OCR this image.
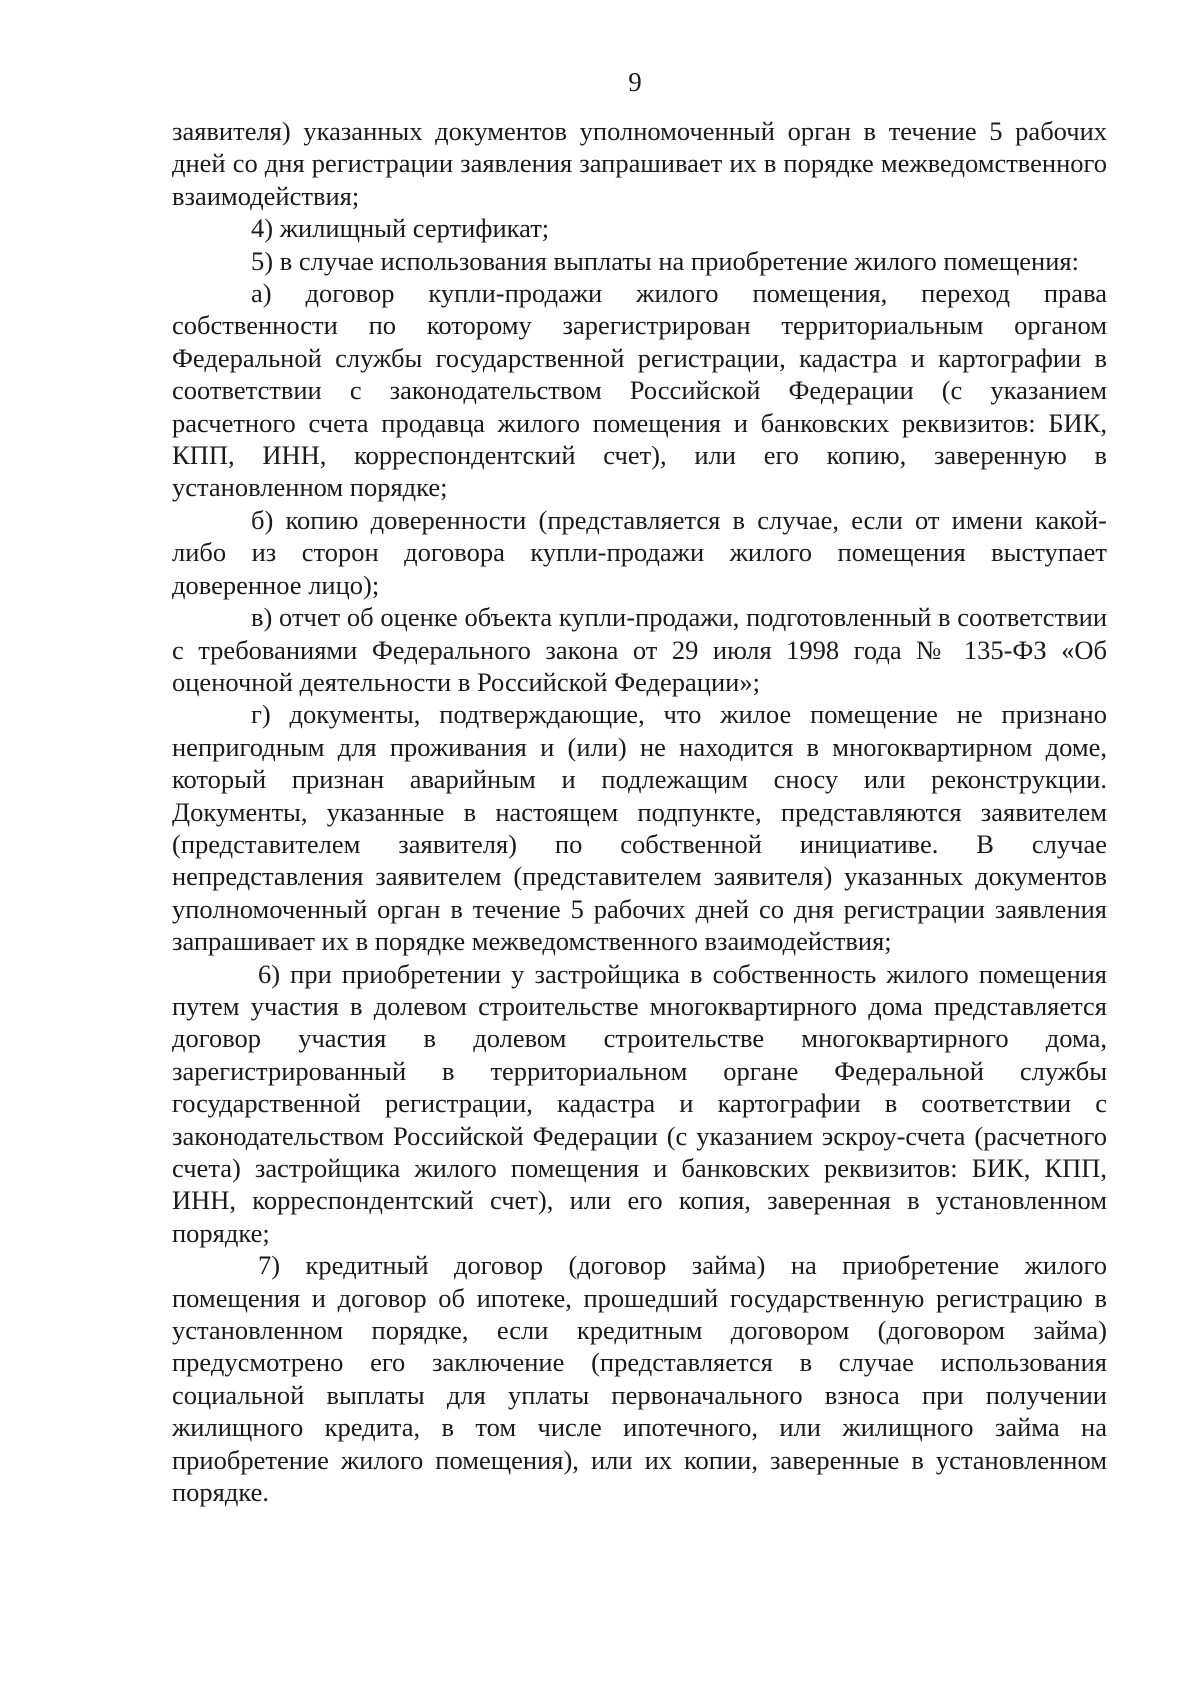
9

заявителя) указанных документов уполномоченный орган в течение 5 рабочих дней со дня регистрации заявления запрашивает их в порядке межведомственного взаимодействия;

4) жилищный сертификат;

5) в случае использования выплаты на приобретение жилого помещения:

а) договор купли-продажи жилого помещения, переход права собственности по которому зарегистрирован территориальным органом Федеральной службы государственной регистрации, кадастра и картографии в соответствии с законодательством Российской Федерации (с указанием расчетного счета продавца жилого помещения и банковских реквизитов: БИК, КПП, ИНН, корреспондентский счет), или его копию, заверенную в установленном порядке;

б) копию доверенности (представляется в случае, если от имени какой-либо из сторон договора купли-продажи жилого помещения выступает доверенное лицо);

в) отчет об оценке объекта купли-продажи, подготовленный в соответствии с требованиями Федерального закона от 29 июля 1998 года № 135-ФЗ «Об оценочной деятельности в Российской Федерации»;

г) документы, подтверждающие, что жилое помещение не признано непригодным для проживания и (или) не находится в многоквартирном доме, который признан аварийным и подлежащим сносу или реконструкции. Документы, указанные в настоящем подпункте, представляются заявителем (представителем заявителя) по собственной инициативе. В случае непредставления заявителем (представителем заявителя) указанных документов уполномоченный орган в течение 5 рабочих дней со дня регистрации заявления запрашивает их в порядке межведомственного взаимодействия;

6) при приобретении у застройщика в собственность жилого помещения путем участия в долевом строительстве многоквартирного дома представляется договор участия в долевом строительстве многоквартирного дома, зарегистрированный в территориальном органе Федеральной службы государственной регистрации, кадастра и картографии в соответствии с законодательством Российской Федерации (с указанием эскроу-счета (расчетного счета) застройщика жилого помещения и банковских реквизитов: БИК, КПП, ИНН, корреспондентский счет), или его копия, заверенная в установленном порядке;

7) кредитный договор (договор займа) на приобретение жилого помещения и договор об ипотеке, прошедший государственную регистрацию в установленном порядке, если кредитным договором (договором займа) предусмотрено его заключение (представляется в случае использования социальной выплаты для уплаты первоначального взноса при получении жилищного кредита, в том числе ипотечного, или жилищного займа на приобретение жилого помещения), или их копии, заверенные в установленном порядке.
